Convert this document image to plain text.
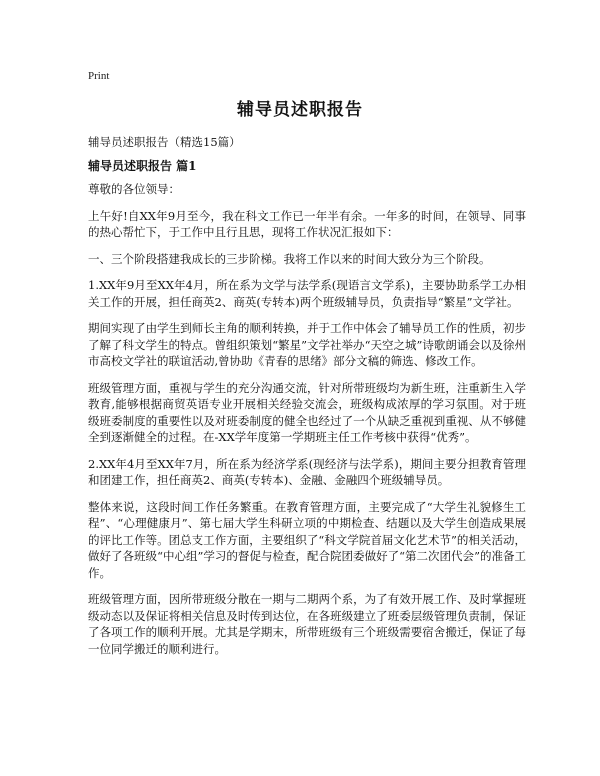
Print
辅导员述职报告

辅导员述职报告（精选15篇）

辅导员述职报告 篇1

尊敬的各位领导：

上午好!自XX年9月至今，我在科文工作已一年半有余。一年多的时间，在领导、同事的热心帮忙下，于工作中且行且思，现将工作状况汇报如下：

一、三个阶段搭建我成长的三步阶梯。我将工作以来的时间大致分为三个阶段。

1.XX年9月至XX年4月，所在系为文学与法学系(现语言文学系)，主要协助系学工办相关工作的开展，担任商英2、商英(专转本)两个班级辅导员，负责指导“繁星”文学社。

期间实现了由学生到师长主角的顺利转换，并于工作中体会了辅导员工作的性质，初步了解了科文学生的特点。曾组织策划“繁星”文学社举办“天空之城”诗歌朗诵会以及徐州市高校文学社的联谊活动,曾协助《青春的思绪》部分文稿的筛选、修改工作。

班级管理方面，重视与学生的充分沟通交流，针对所带班级均为新生班，注重新生入学教育,能够根据商贸英语专业开展相关经验交流会，班级构成浓厚的学习氛围。对于班级班委制度的重要性以及对班委制度的健全也经过了一个从缺乏重视到重视、从不够健全到逐渐健全的过程。在-XX学年度第一学期班主任工作考核中获得“优秀”。

2.XX年4月至XX年7月，所在系为经济学系(现经济与法学系)，期间主要分担教育管理和团建工作，担任商英2、商英(专转本)、金融、金融四个班级辅导员。

整体来说，这段时间工作任务繁重。在教育管理方面，主要完成了“大学生礼貌修生工程”、“心理健康月”、第七届大学生科研立项的中期检查、结题以及大学生创造成果展的评比工作等。团总支工作方面，主要组织了“科文学院首届文化艺术节”的相关活动，做好了各班级“中心组”学习的督促与检查，配合院团委做好了“第二次团代会”的准备工作。

班级管理方面，因所带班级分散在一期与二期两个系，为了有效开展工作、及时掌握班级动态以及保证将相关信息及时传到达位，在各班级建立了班委层级管理负责制，保证了各项工作的顺利开展。尤其是学期末，所带班级有三个班级需要宿舍搬迁，保证了每一位同学搬迁的顺利进行。
